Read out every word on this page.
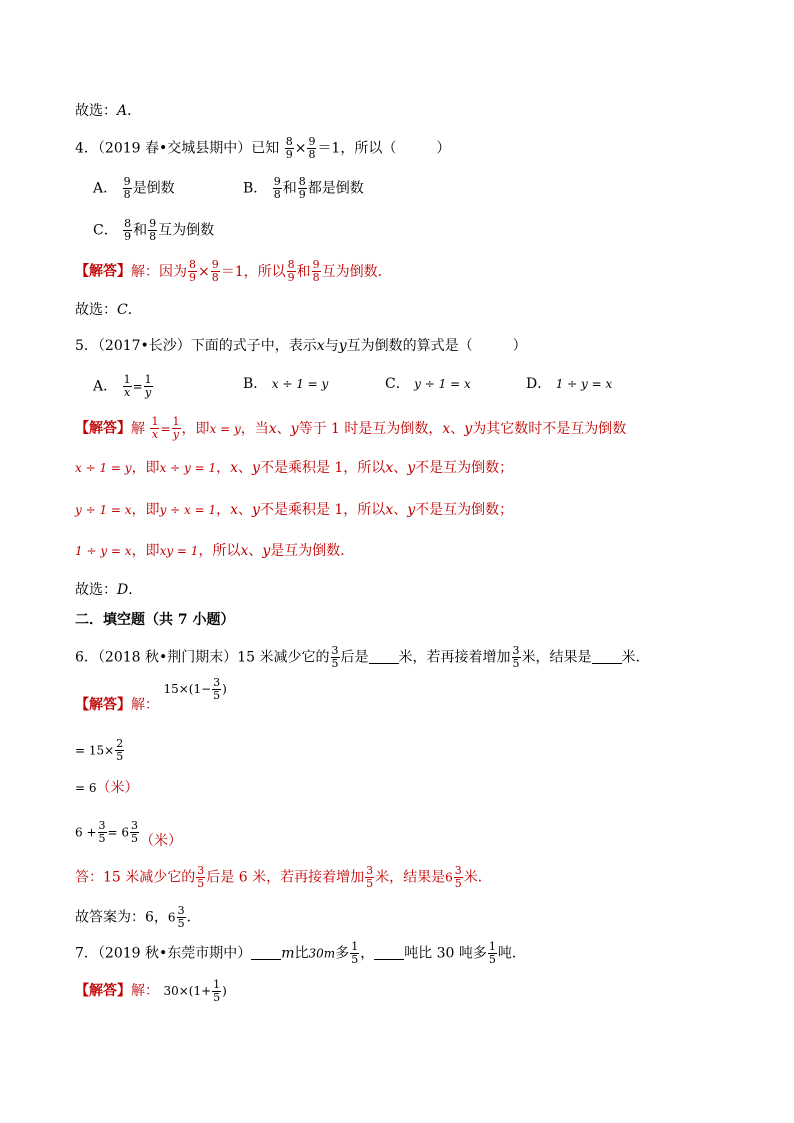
故选：A．
4．（2019 春•交城县期中）已知 $\frac{8}{9} \times \frac{9}{8} =1$，所以（	）
A． $\frac{9}{8}$ 是倒数	B． $\frac{9}{8}$ 和 $\frac{8}{9}$ 都是倒数
C． $\frac{8}{9}$ 和 $\frac{9}{8}$ 互为倒数
【解答】解：因为 $\frac{8}{9} \times \frac{9}{8} =1$，所以 $\frac{8}{9}$ 和 $\frac{9}{8}$ 互为倒数．
故选：C．
5．（2017•长沙）下面的式子中，表示x与y互为倒数的算式是（	）
A． $\frac{1}{x} = \frac{1}{y}$	B． x ÷ 1 = y	C． y ÷ 1 = x	D． 1 ÷ y = x
【解答】解 $\frac{1}{x} = \frac{1}{y}$ ，即x = y，当x、y等于 1 时是互为倒数，x、y为其它数时不是互为倒数
x ÷ 1 = y，即x ÷ y = 1，x、y不是乘积是 1，所以x、y不是互为倒数；
y ÷ 1 = x，即y ÷ x = 1，x、y不是乘积是 1，所以x、y不是互为倒数；
1 ÷ y = x，即xy = 1，所以x、y是互为倒数．
故选：D．
二．填空题（共 7 小题）
6．（2018 秋•荆门期末）15 米减少它的 $\frac{3}{5}$ 后是 米，若再接着增加 $\frac{3}{5}$ 米，结果是 米．
【解答】解： $15\times(1- \frac{3}{5}$ )
= $15\times \frac{2}{5}$
= 6（米）
$6 + \frac{3}{5} = 6 \frac{3}{5}$ （米）
答：15 米减少它的 $\frac{3}{5}$ 后是 6 米，若再接着增加 $\frac{3}{5}$ 米，结果是$6 \frac{3}{5}$ 米．
故答案为：6，$6 \frac{3}{5}$ ．
7．（2019 秋•东莞市期中） m比30m多 $\frac{1}{5}$ ， 吨比 30 吨多 $\frac{1}{5}$ 吨．
【解答】解： $30\times(1+ \frac{1}{5}$ )
